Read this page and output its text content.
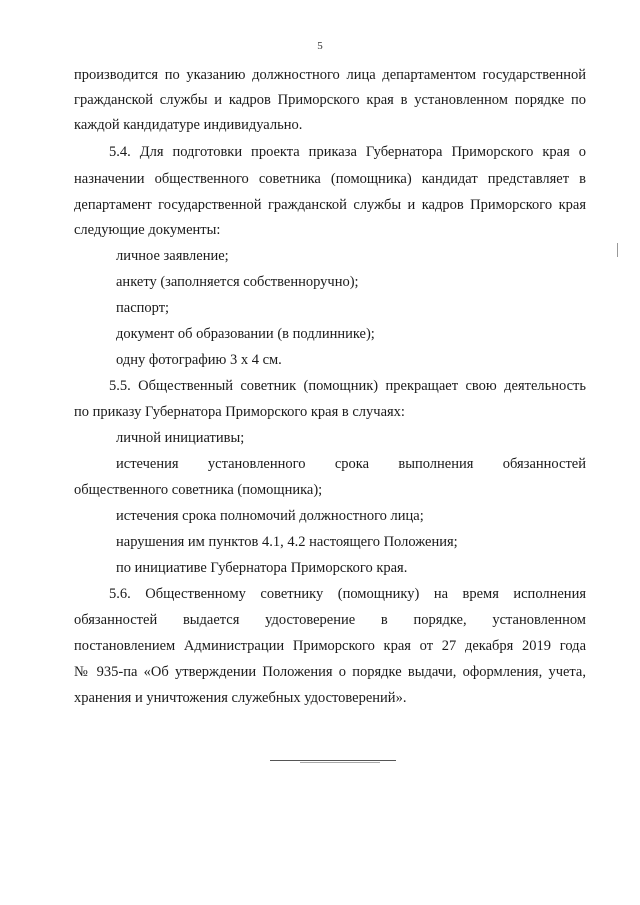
5
производится по указанию должностного лица департаментом государственной
гражданской службы и кадров Приморского края в установленном порядке по
каждой кандидатуре индивидуально.
5.4. Для подготовки проекта приказа Губернатора Приморского края о
назначении общественного советника (помощника) кандидат представляет в
департамент государственной гражданской службы и кадров Приморского края
следующие документы:
личное заявление;
анкету (заполняется собственноручно);
паспорт;
документ об образовании (в подлиннике);
одну фотографию 3 х 4 см.
5.5. Общественный советник (помощник) прекращает свою деятельность
по приказу Губернатора Приморского края в случаях:
личной инициативы;
истечения установленного срока выполнения обязанностей
общественного советника (помощника);
истечения срока полномочий должностного лица;
нарушения им пунктов 4.1, 4.2 настоящего Положения;
по инициативе Губернатора Приморского края.
5.6. Общественному советнику (помощнику) на время исполнения
обязанностей выдается удостоверение в порядке, установленном
постановлением Администрации Приморского края от 27 декабря 2019 года
№ 935-па «Об утверждении Положения о порядке выдачи, оформления, учета,
хранения и уничтожения служебных удостоверений».
